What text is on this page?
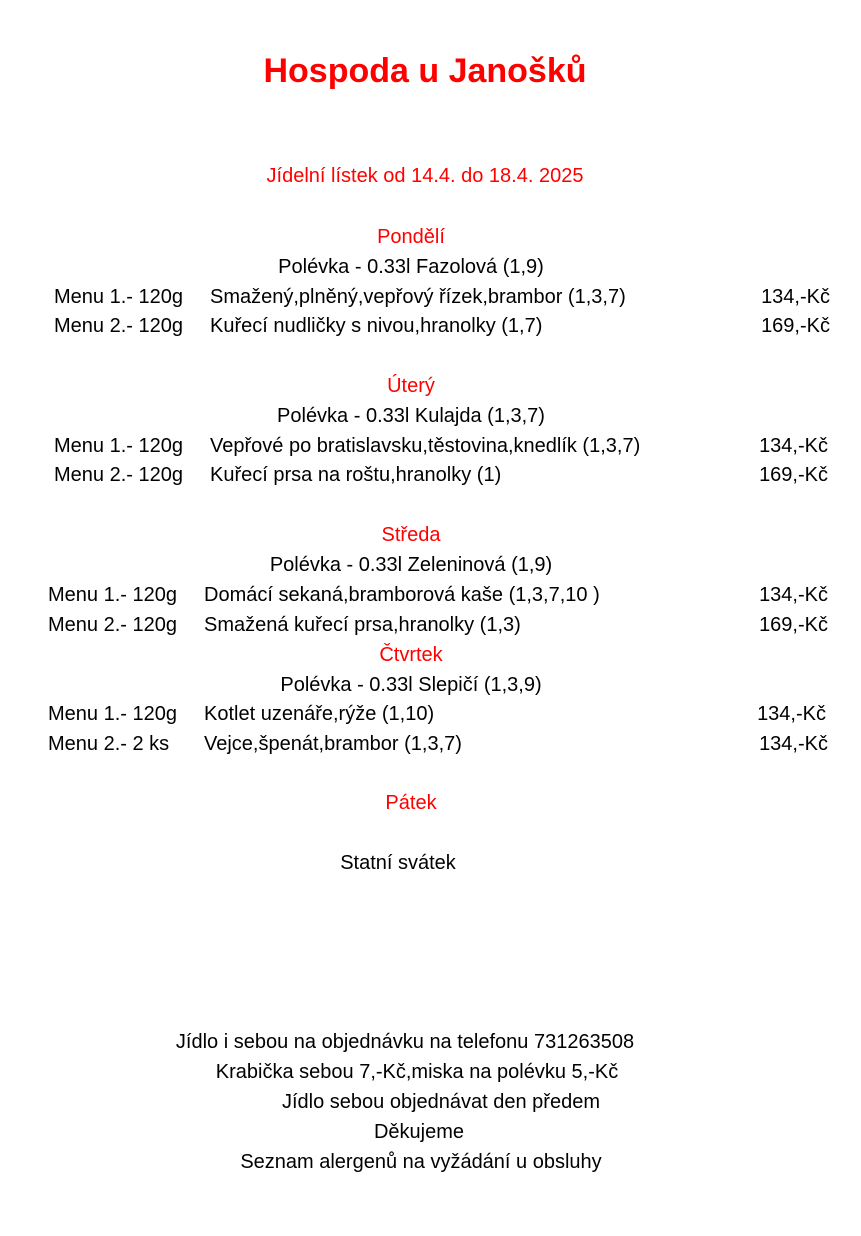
Hospoda u Janošků
Jídelní lístek od 14.4. do 18.4. 2025
Pondělí
Polévka - 0.33l Fazolová (1,9)
Menu 1.- 120g Smažený,plněný,vepřový řízek,brambor (1,3,7)	134,-Kč
Menu 2.- 120g Kuřecí nudličky s nivou,hranolky (1,7)	169,-Kč
Úterý
Polévka - 0.33l Kulajda (1,3,7)
Menu 1.- 120g Vepřové po bratislavsku,těstovina,knedlík (1,3,7)	134,-Kč
Menu 2.- 120g Kuřecí prsa na roštu,hranolky (1)	169,-Kč
Středa
Polévka - 0.33l Zeleninová (1,9)
Menu 1.- 120g Domácí sekaná,bramborová kaše (1,3,7,10 )	134,-Kč
Menu 2.- 120g Smažená kuřecí prsa,hranolky (1,3)	169,-Kč
Čtvrtek
Polévka - 0.33l Slepičí (1,3,9)
Menu 1.- 120g Kotlet uzenáře,rýže (1,10)	134,-Kč
Menu 2.- 2 ks Vejce,špenát,brambor (1,3,7)	134,-Kč
Pátek
Statní svátek
Jídlo i sebou na objednávku na telefonu 731263508
Krabička sebou 7,-Kč,miska na polévku 5,-Kč
Jídlo sebou objednávat den předem
Děkujeme
Seznam alergenů na vyžádání u obsluhy
